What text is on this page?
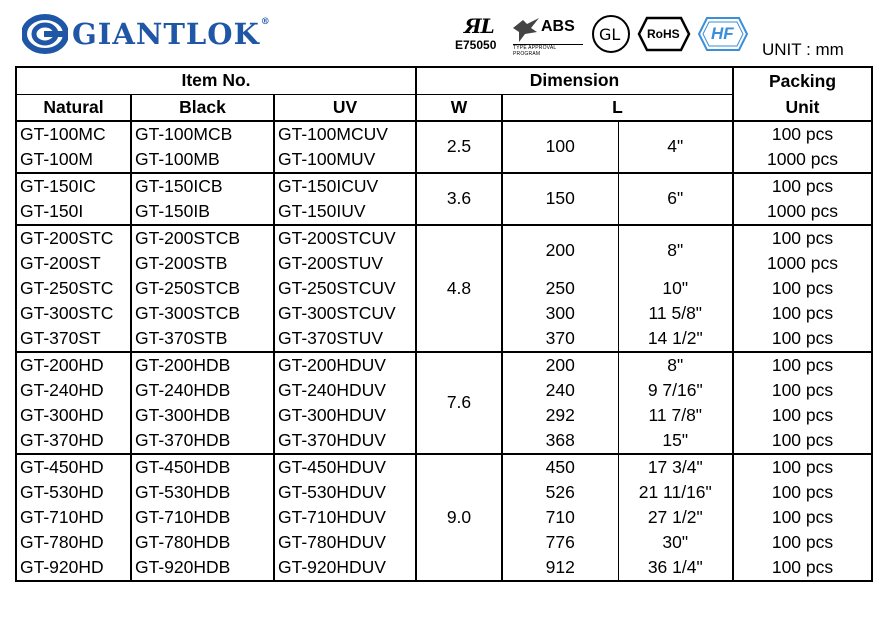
GIANTLOK®	ЯL
E75050
ABS
TYPE APPROVAL PROGRAM
GL RoHS HF
UNIT : mm
Item No.			Dimension			Packing
Natural	Black	UV	W	L		Unit
GT-100MC	GT-100MCB	GT-100MCUV	2.5	100	4"	100 pcs
GT-100M	GT-100MB	GT-100MUV				1000 pcs
GT-150IC	GT-150ICB	GT-150ICUV	3.6	150	6"	100 pcs
GT-150I	GT-150IB	GT-150IUV				1000 pcs
GT-200STC	GT-200STCB	GT-200STCUV	4.8	200	8"	100 pcs
GT-200ST	GT-200STB	GT-200STUV				1000 pcs
GT-250STC	GT-250STCB	GT-250STCUV		250	10"	100 pcs
GT-300STC	GT-300STCB	GT-300STCUV		300	11 5/8"	100 pcs
GT-370ST	GT-370STB	GT-370STUV		370	14 1/2"	100 pcs
GT-200HD	GT-200HDB	GT-200HDUV	7.6	200	8"	100 pcs
GT-240HD	GT-240HDB	GT-240HDUV		240	9 7/16"	100 pcs
GT-300HD	GT-300HDB	GT-300HDUV		292	11 7/8"	100 pcs
GT-370HD	GT-370HDB	GT-370HDUV		368	15"	100 pcs
GT-450HD	GT-450HDB	GT-450HDUV	9.0	450	17 3/4"	100 pcs
GT-530HD	GT-530HDB	GT-530HDUV		526	21 11/16"	100 pcs
GT-710HD	GT-710HDB	GT-710HDUV		710	27 1/2"	100 pcs
GT-780HD	GT-780HDB	GT-780HDUV		776	30"	100 pcs
GT-920HD	GT-920HDB	GT-920HDUV		912	36 1/4"	100 pcs
